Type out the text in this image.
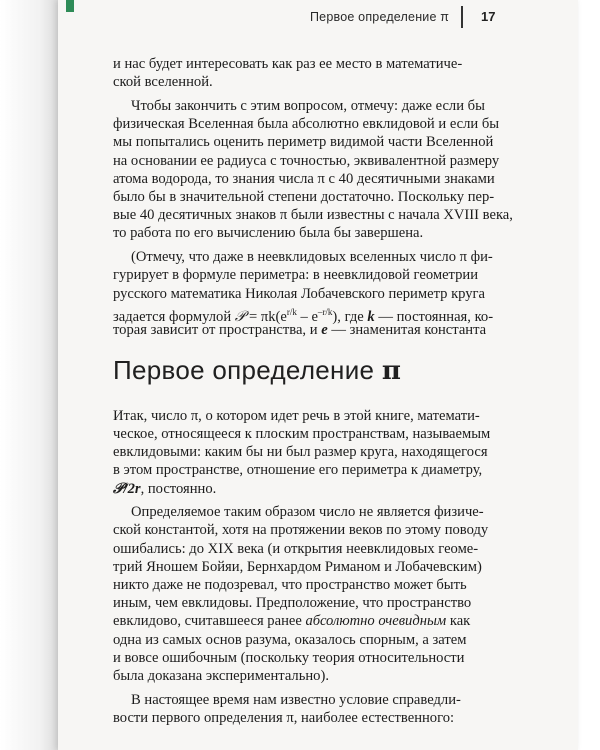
Первое определение π 17
и нас будет интересовать как раз ее место в математиче-
ской вселенной.
Чтобы закончить с этим вопросом, отмечу: даже если бы
физическая Вселенная была абсолютно евклидовой и если бы
мы попытались оценить периметр видимой части Вселенной
на основании ее радиуса с точностью, эквивалентной размеру
атома водорода, то знания числа π с 40 десятичными знаками
было бы в значительной степени достаточно. Поскольку пер-
вые 40 десятичных знаков π были известны с начала XVIII века,
то работа по его вычислению была бы завершена.
(Отмечу, что даже в неевклидовых вселенных число π фи-
гурирует в формуле периметра: в неевклидовой геометрии
русского математика Николая Лобачевского периметр круга
задается формулой 𝒫 = $\pi k(e^{r/k} - e^{-r/k})$, где k — постоянная, ко-
торая зависит от пространства, и e — знаменитая константа
Первое определение π
Итак, число π, о котором идет речь в этой книге, математи-
ческое, относящееся к плоским пространствам, называемым
евклидовыми: каким бы ни был размер круга, находящегося
в этом пространстве, отношение его периметра к диаметру,
𝒫/2r, постоянно.
Определяемое таким образом число не является физиче-
ской константой, хотя на протяжении веков по этому поводу
ошибались: до XIX века (и открытия неевклидовых геоме-
трий Яношем Бойяи, Бернхардом Риманом и Лобачевским)
никто даже не подозревал, что пространство может быть
иным, чем евклидовы. Предположение, что пространство
евклидово, считавшееся ранее абсолютно очевидным как
одна из самых основ разума, оказалось спорным, а затем
и вовсе ошибочным (поскольку теория относительности
была доказана экспериментально).
В настоящее время нам известно условие справедли-
вости первого определения π, наиболее естественного:
